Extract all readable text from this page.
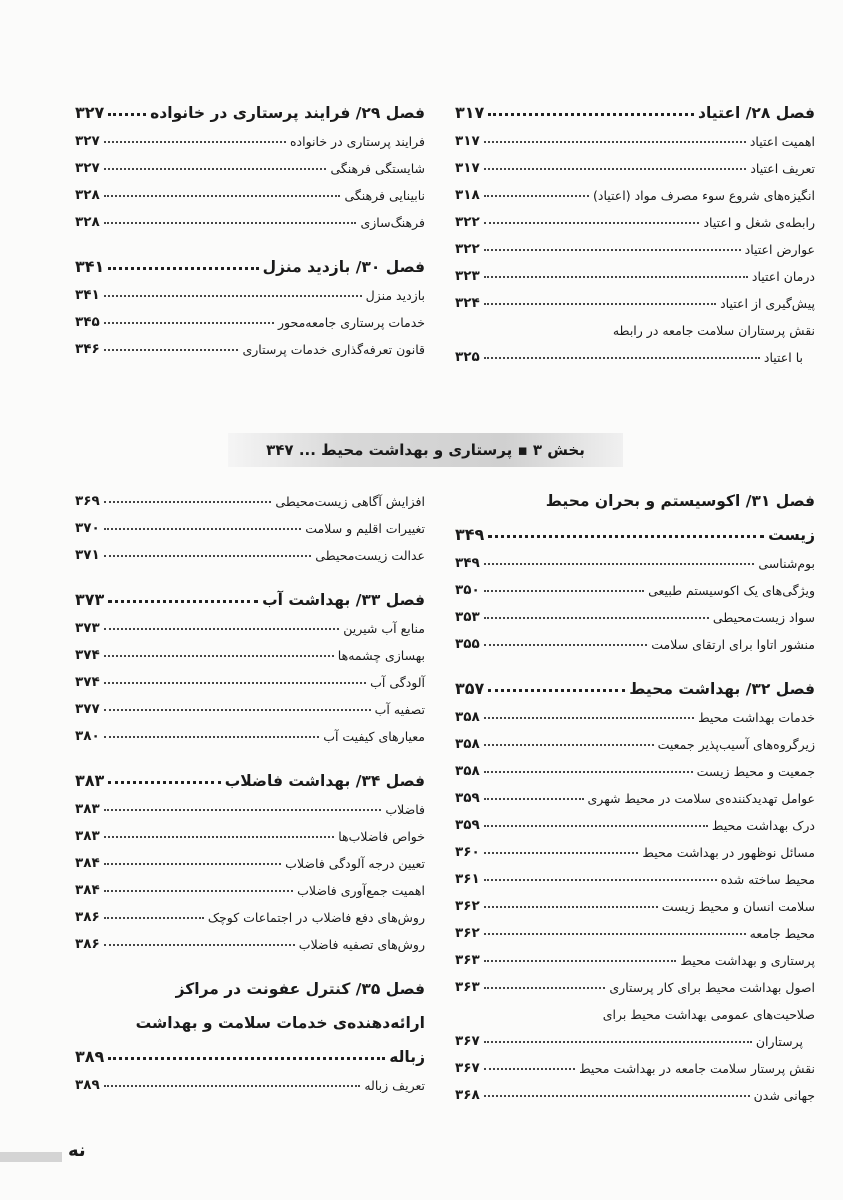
فصل ۲۸/ اعتیاد
۳۱۷
اهمیت اعتیاد
۳۱۷
تعریف اعتیاد
۳۱۷
انگیزه‌های شروع سوء مصرف مواد (اعتیاد)
۳۱۸
رابطه‌ی شغل و اعتیاد
۳۲۲
عوارض اعتیاد
۳۲۲
درمان اعتیاد
۳۲۳
پیش‌گیری از اعتیاد
۳۲۴
نقش پرستاران سلامت جامعه در رابطه
با اعتیاد
۳۲۵
فصل ۲۹/ فرایند پرستاری در خانواده
۳۲۷
فرایند پرستاری در خانواده
۳۲۷
شایستگی فرهنگی
۳۲۷
نابینایی فرهنگی
۳۲۸
فرهنگ‌سازی
۳۲۸
فصل ۳۰/ بازدید منزل
۳۴۱
بازدید منزل
۳۴۱
خدمات پرستاری جامعه‌محور
۳۴۵
قانون تعرفه‌گذاری خدمات پرستاری
۳۴۶
بخش ۳ ▪ پرستاری و بهداشت محیط ... ۳۴۷
فصل ۳۱/ اکوسیستم و بحران محیط
زیست
۳۴۹
بوم‌شناسی
۳۴۹
ویژگی‌های یک اکوسیستم طبیعی
۳۵۰
سواد زیست‌محیطی
۳۵۳
منشور اتاوا برای ارتقای سلامت
۳۵۵
فصل ۳۲/ بهداشت محیط
۳۵۷
خدمات بهداشت محیط
۳۵۸
زیرگروه‌های آسیب‌پذیر جمعیت
۳۵۸
جمعیت و محیط زیست
۳۵۸
عوامل تهدیدکننده‌ی سلامت در محیط شهری
۳۵۹
درک بهداشت محیط
۳۵۹
مسائل نوظهور در بهداشت محیط
۳۶۰
محیط ساخته شده
۳۶۱
سلامت انسان و محیط زیست
۳۶۲
محیط جامعه
۳۶۲
پرستاری و بهداشت محیط
۳۶۳
اصول بهداشت محیط برای کار پرستاری
۳۶۳
صلاحیت‌های عمومی بهداشت محیط برای
پرستاران
۳۶۷
نقش پرستار سلامت جامعه در بهداشت محیط
۳۶۷
جهانی شدن
۳۶۸
افزایش آگاهی زیست‌محیطی
۳۶۹
تغییرات اقلیم و سلامت
۳۷۰
عدالت زیست‌محیطی
۳۷۱
فصل ۳۳/ بهداشت آب
۳۷۳
منابع آب شیرین
۳۷۳
بهسازی چشمه‌ها
۳۷۴
آلودگی آب
۳۷۴
تصفیه آب
۳۷۷
معیارهای کیفیت آب
۳۸۰
فصل ۳۴/ بهداشت فاضلاب
۳۸۳
فاضلاب
۳۸۳
خواص فاضلاب‌ها
۳۸۳
تعیین درجه آلودگی فاضلاب
۳۸۴
اهمیت جمع‌آوری فاضلاب
۳۸۴
روش‌های دفع فاضلاب در اجتماعات کوچک
۳۸۶
روش‌های تصفیه فاضلاب
۳۸۶
فصل ۳۵/ کنترل عفونت در مراکز
ارائه‌دهنده‌ی خدمات سلامت و بهداشت
زباله
۳۸۹
تعریف زباله
۳۸۹
نه
